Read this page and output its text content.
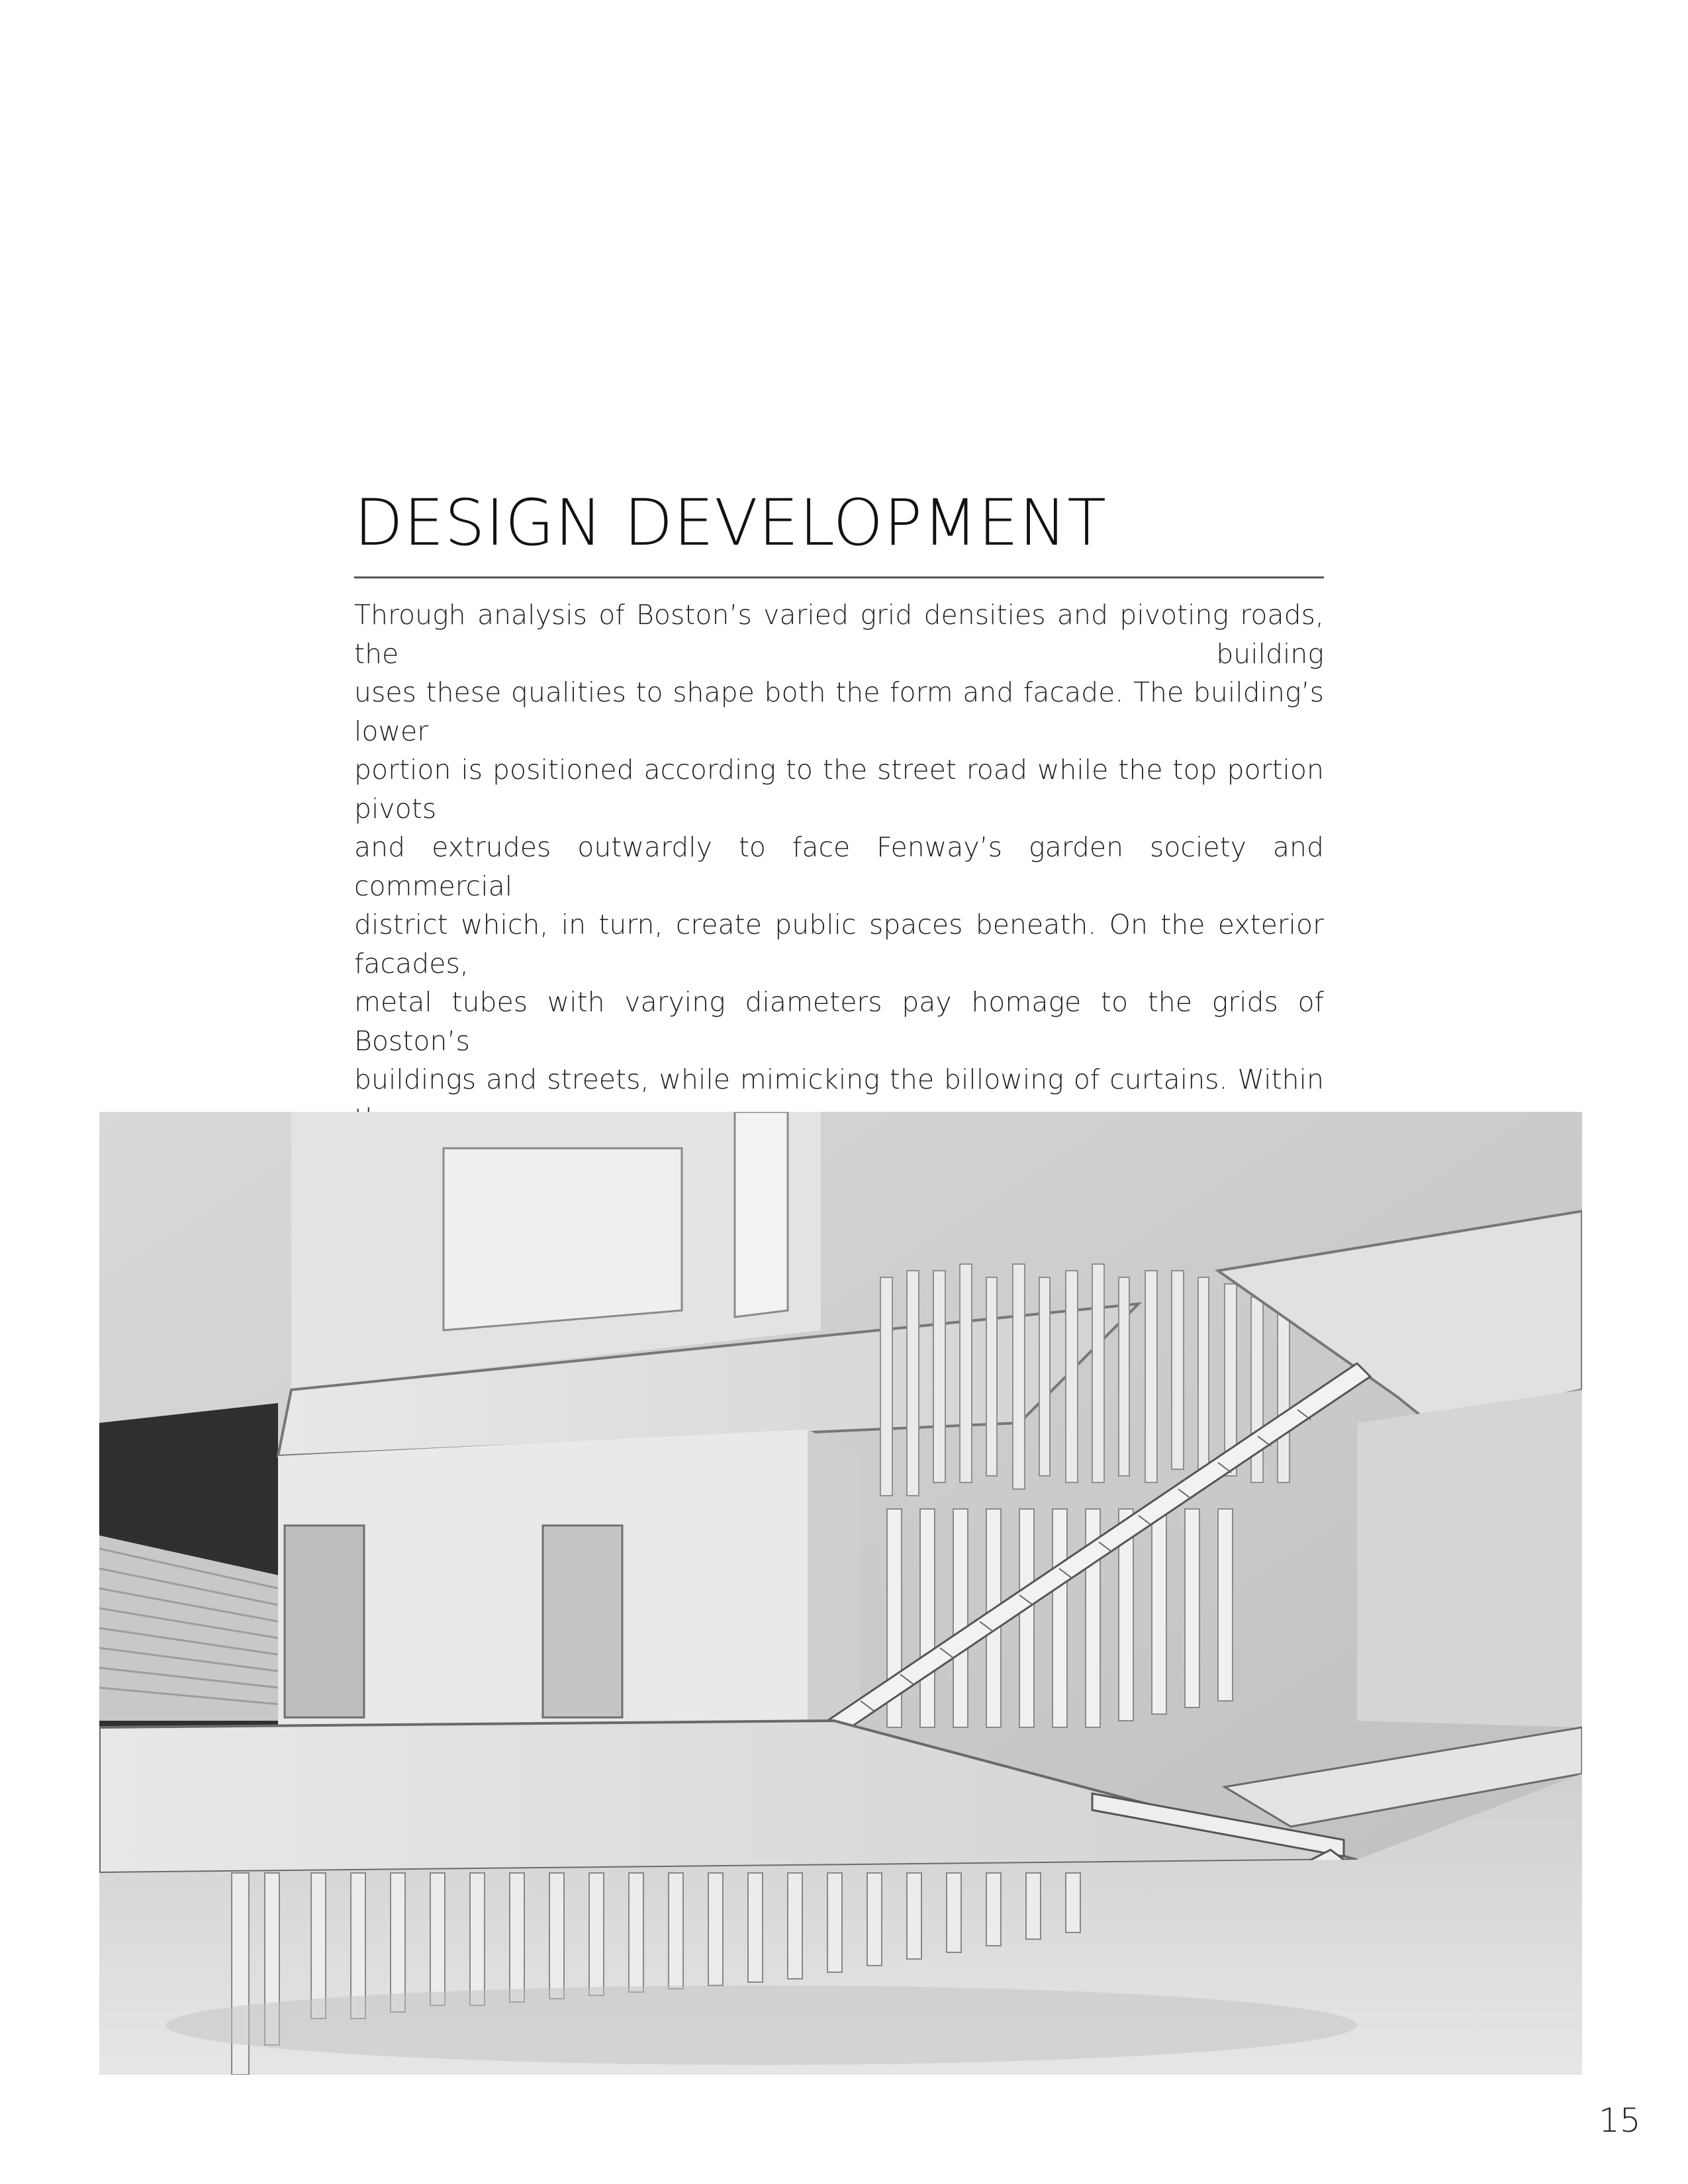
DESIGN DEVELOPMENT
Through analysis of Boston’s varied grid densities and pivoting roads, the building
uses these qualities to shape both the form and facade. The building’s lower
portion is positioned according to the street road while the top portion pivots
and extrudes outwardly to face Fenway’s garden society and commercial
district which, in turn, create public spaces beneath. On the exterior facades,
metal tubes with varying diameters pay homage to the grids of Boston’s
buildings and streets, while mimicking the billowing of curtains. Within
15
